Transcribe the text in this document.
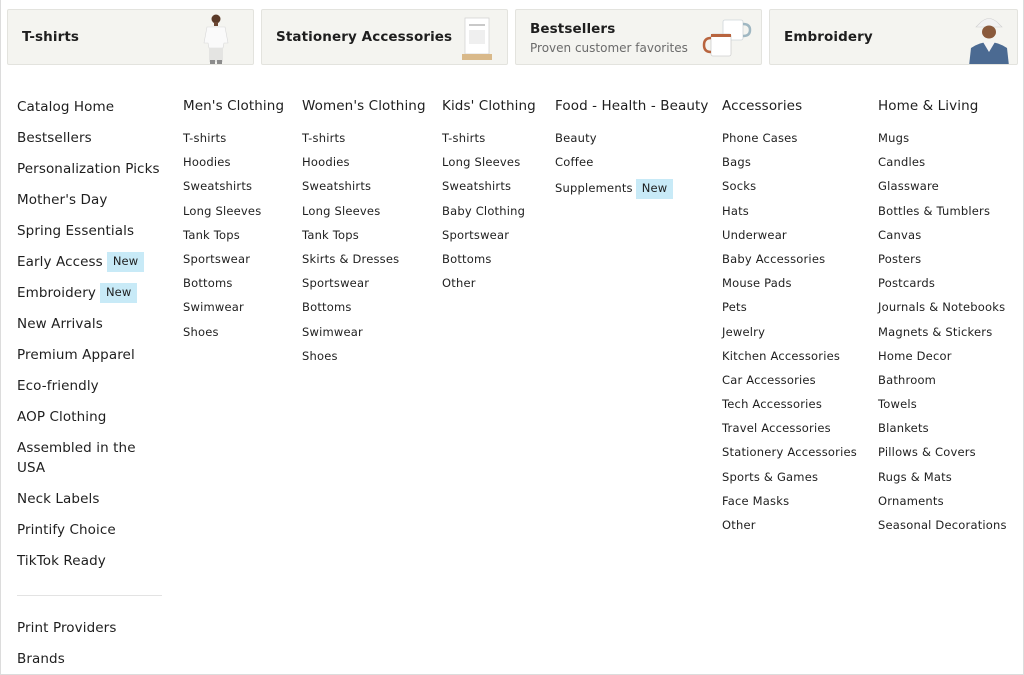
T-shirts	Stationery Accessories	Bestsellers
Proven customer favorites
Embroidery
Catalog Home
Bestsellers
Personalization Picks
Mother's Day
Spring Essentials
Early Access New
Embroidery New
New Arrivals
Premium Apparel
Eco-friendly
AOP Clothing
Assembled in the USA
Neck Labels
Printify Choice
TikTok Ready
Print Providers
Brands
Men's Clothing
T-shirts
Hoodies
Sweatshirts
Long Sleeves
Tank Tops
Sportswear
Bottoms
Swimwear
Shoes
Women's Clothing
T-shirts
Hoodies
Sweatshirts
Long Sleeves
Tank Tops
Skirts & Dresses
Sportswear
Bottoms
Swimwear
Shoes
Kids' Clothing
T-shirts
Long Sleeves
Sweatshirts
Baby Clothing
Sportswear
Bottoms
Other
Food - Health - Beauty
Beauty
Coffee
Supplements New
Accessories
Phone Cases
Bags
Socks
Hats
Underwear
Baby Accessories
Mouse Pads
Pets
Jewelry
Kitchen Accessories
Car Accessories
Tech Accessories
Travel Accessories
Stationery Accessories
Sports & Games
Face Masks
Other
Home & Living
Mugs
Candles
Glassware
Bottles & Tumblers
Canvas
Posters
Postcards
Journals & Notebooks
Magnets & Stickers
Home Decor
Bathroom
Towels
Blankets
Pillows & Covers
Rugs & Mats
Ornaments
Seasonal Decorations
